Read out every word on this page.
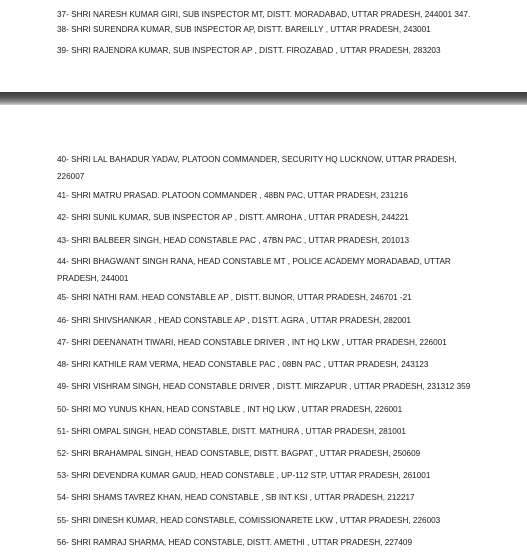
37- SHRI NARESH KUMAR GIRI, SUB INSPECTOR MT, DISTT. MORADABAD, UTTAR PRADESH, 244001 347.
38- SHRI SURENDRA KUMAR, SUB INSPECTOR AP, DISTT. BAREILLY , UTTAR PRADESH, 243001
39- SHRI RAJENDRA KUMAR, SUB INSPECTOR AP , DISTT. FIROZABAD , UTTAR PRADESH, 283203
40- SHRI LAL BAHADUR YADAV, PLATOON COMMANDER, SECURITY HQ LUCKNOW, UTTAR PRADESH, 226007
41- SHRI MATRU PRASAD. PLATOON COMMANDER , 48BN PAC, UTTAR PRADESH, 231216
42- SHRI SUNIL KUMAR, SUB INSPECTOR AP , DISTT. AMROHA , UTTAR PRADESH, 244221
43- SHRI BALBEER SINGH, HEAD CONSTABLE PAC , 47BN PAC , UTTAR PRADESH, 201013
44- SHRI BHAGWANT SINGH RANA, HEAD CONSTABLE MT , POLICE ACADEMY MORADABAD, UTTAR PRADESH, 244001
45- SHRI NATHI RAM. HEAD CONSTABLE AP , DISTT. BIJNOR, UTTAR PRADESH, 246701 -21
46- SHRI SHIVSHANKAR , HEAD CONSTABLE AP , D1STT. AGRA , UTTAR PRADESH, 282001
47- SHRI DEENANATH TIWARI, HEAD CONSTABLE DRIVER , INT HQ LKW , UTTAR PRADESH, 226001
48- SHRI KATHILE RAM VERMA, HEAD CONSTABLE PAC , 08BN PAC , UTTAR PRADESH, 243123
49- SHRI VISHRAM SINGH, HEAD CONSTABLE DRIVER , DISTT. MIRZAPUR , UTTAR PRADESH, 231312 359
50- SHRI MO YUNUS KHAN, HEAD CONSTABLE , INT HQ LKW , UTTAR PRADESH, 226001
51- SHRI OMPAL SINGH, HEAD CONSTABLE, DISTT. MATHURA , UTTAR PRADESH, 281001
52- SHRI BRAHAMPAL SINGH, HEAD CONSTABLE, DISTT. BAGPAT , UTTAR PRADESH, 250609
53- SHRI DEVENDRA KUMAR GAUD, HEAD CONSTABLE , UP-112 STP, UTTAR PRADESH, 261001
54- SHRI SHAMS TAVREZ KHAN, HEAD CONSTABLE , SB INT KSI , UTTAR PRADESH, 212217
55- SHRI DINESH KUMAR, HEAD CONSTABLE, COMISSIONARETE LKW , UTTAR PRADESH, 226003
56- SHRI RAMRAJ SHARMA, HEAD CONSTABLE, DISTT. AMETHI , UTTAR PRADESH, 227409
